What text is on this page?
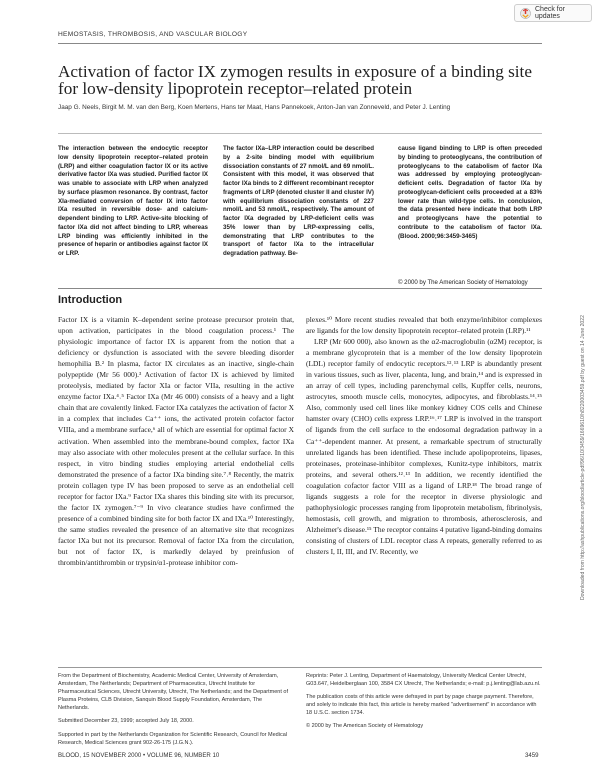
Check for updates
HEMOSTASIS, THROMBOSIS, AND VASCULAR BIOLOGY
Activation of factor IX zymogen results in exposure of a binding site
for low-density lipoprotein receptor–related protein
Jaap G. Neels, Birgit M. M. van den Berg, Koen Mertens, Hans ter Maat, Hans Pannekoek, Anton-Jan van Zonneveld, and Peter J. Lenting

The interaction between the endocytic receptor low density lipoprotein receptor–related protein (LRP) and either coagulation factor IX or its active derivative factor IXa was studied. Purified factor IX was unable to associate with LRP when analyzed by surface plasmon resonance. By contrast, factor XIa-mediated conversion of factor IX into factor IXa resulted in reversible dose- and calcium-dependent binding to LRP. Active-site blocking of factor IXa did not affect binding to LRP, whereas LRP binding was efficiently inhibited in the presence of heparin or antibodies against factor IX or LRP.

The factor IXa–LRP interaction could be described by a 2-site binding model with equilibrium dissociation constants of 27 nmol/L and 69 nmol/L. Consistent with this model, it was observed that factor IXa binds to 2 different recombinant receptor fragments of LRP (denoted cluster II and cluster IV) with equilibrium dissociation constants of 227 nmol/L and 53 nmol/L, respectively. The amount of factor IXa degraded by LRP-deficient cells was 35% lower than by LRP-expressing cells, demonstrating that LRP contributes to the transport of factor IXa to the intracellular degradation pathway. Be-

cause ligand binding to LRP is often preceded by binding to proteoglycans, the contribution of proteoglycans to the catabolism of factor IXa was addressed by employing proteoglycan-deficient cells. Degradation of factor IXa by proteoglycan-deficient cells proceeded at a 83% lower rate than wild-type cells. In conclusion, the data presented here indicate that both LRP and proteoglycans have the potential to contribute to the catabolism of factor IXa. (Blood. 2000;96:3459-3465)

© 2000 by The American Society of Hematology
Introduction

Factor IX is a vitamin K–dependent serine protease precursor protein that, upon activation, participates in the blood coagulation process.¹ The physiologic importance of factor IX is apparent from the notion that a deficiency or dysfunction is associated with the severe bleeding disorder hemophilia B.² In plasma, factor IX circulates as an inactive, single-chain polypeptide (Mr 56 000).³ Activation of factor IX is achieved by limited proteolysis, mediated by factor XIa or factor VIIa, resulting in the active enzyme factor IXa.⁴˒⁵ Factor IXa (Mr 46 000) consists of a heavy and a light chain that are covalently linked. Factor IXa catalyzes the activation of factor X in a complex that includes Ca⁺⁺ ions, the activated protein cofactor factor VIIIa, and a membrane surface,⁶ all of which are essential for optimal factor X activation. When assembled into the membrane-bound complex, factor IXa may also associate with other molecules present at the cellular surface. In this respect, in vitro binding studies employing arterial endothelial cells demonstrated the presence of a factor IXa binding site.⁷˒⁸ Recently, the matrix protein collagen type IV has been proposed to serve as an endothelial cell receptor for factor IXa.⁹ Factor IXa shares this binding site with its precursor, the factor IX zymogen.⁷⁻⁹ In vivo clearance studies have confirmed the presence of a combined binding site for both factor IX and IXa.¹⁰ Interestingly, the same studies revealed the presence of an alternative site that recognizes factor IXa but not its precursor. Removal of factor IXa from the circulation, but not of factor IX, is markedly delayed by preinfusion of thrombin/antithrombin or trypsin/α1-protease inhibitor com-

plexes.¹⁰ More recent studies revealed that both enzyme/inhibitor complexes are ligands for the low density lipoprotein receptor–related protein (LRP).¹¹

LRP (Mr 600 000), also known as the α2-macroglobulin (α2M) receptor, is a membrane glycoprotein that is a member of the low density lipoprotein (LDL) receptor family of endocytic receptors.¹²˒¹³ LRP is abundantly present in various tissues, such as liver, placenta, lung, and brain,¹⁴ and is expressed in an array of cell types, including parenchymal cells, Kupffer cells, neurons, astrocytes, smooth muscle cells, monocytes, adipocytes, and fibroblasts.¹⁴˒¹⁵ Also, commonly used cell lines like monkey kidney COS cells and Chinese hamster ovary (CHO) cells express LRP.¹⁶˒¹⁷ LRP is involved in the transport of ligands from the cell surface to the endosomal degradation pathway in a Ca⁺⁺-dependent manner. At present, a remarkable spectrum of structurally unrelated ligands has been identified. These include apolipoproteins, lipases, proteinases, proteinase-inhibitor complexes, Kunitz-type inhibitors, matrix proteins, and several others.¹²˒¹³ In addition, we recently identified the coagulation cofactor factor VIII as a ligand of LRP.¹⁸ The broad range of ligands suggests a role for the receptor in diverse physiologic and pathophysiologic processes ranging from lipoprotein metabolism, fibrinolysis, hemostasis, cell growth, and migration to thrombosis, atherosclerosis, and Alzheimer's disease.¹⁵ The receptor contains 4 putative ligand-binding domains consisting of clusters of LDL receptor class A repeats, generally referred to as clusters I, II, III, and IV. Recently, we

From the Department of Biochemistry, Academic Medical Center, University of Amsterdam, Amsterdam, The Netherlands; Department of Pharmaceutics, Utrecht Institute for Pharmaceutical Sciences, Utrecht University, Utrecht, The Netherlands; and the Department of Plasma Proteins, CLB Division, Sanquin Blood Supply Foundation, Amsterdam, The Netherlands.

Submitted December 23, 1999; accepted July 18, 2000.

Supported in part by the Netherlands Organization for Scientific Research, Council for Medical Research, Medical Sciences grant 902-26-175 (J.G.N.).

Reprints: Peter J. Lenting, Department of Haematology, University Medical Center Utrecht, G03.647, Heidelberglaan 100, 3584 CX Utrecht, The Netherlands; e-mail: p.j.lenting@lab.azu.nl.

The publication costs of this article were defrayed in part by page charge payment. Therefore, and solely to indicate this fact, this article is hereby marked "advertisement" in accordance with 18 U.S.C. section 1734.

© 2000 by The American Society of Hematology

BLOOD, 15 NOVEMBER 2000 • VOLUME 96, NUMBER 10	3459
Downloaded from http://ashpublications.org/blood/article-pdf/96/10/3459/1669610/h8220003459.pdf by guest on 14 June 2022
